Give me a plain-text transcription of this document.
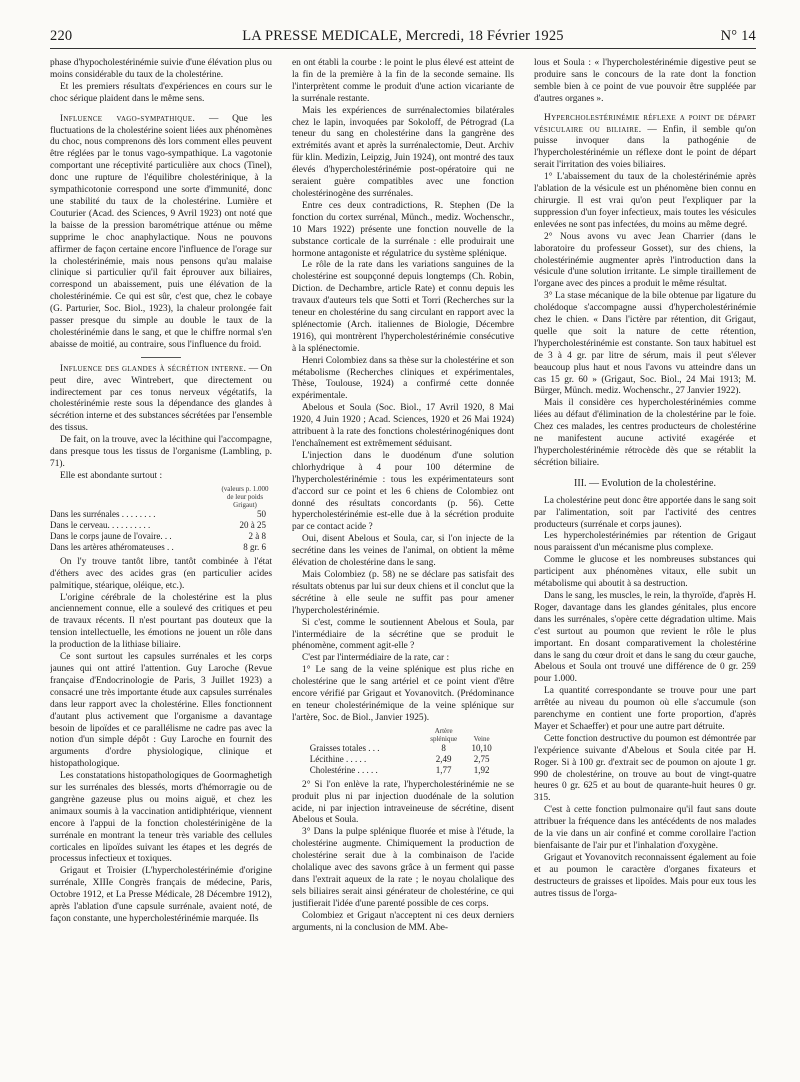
220	LA PRESSE MEDICALE, Mercredi, 18 Février 1925	N° 14

phase d'hypocholestérinémie suivie d'une élévation plus ou moins considérable du taux de la cholestérine.

Et les premiers résultats d'expériences en cours sur le choc sérique plaident dans le même sens.

Influence vago-sympathique. — Que les fluctuations de la cholestérine soient liées aux phénomènes du choc, nous comprenons dès lors comment elles peuvent être réglées par le tonus vago-sympathique. La vagotonie comportant une réceptivité particulière aux chocs (Tinel), donc une rupture de l'équilibre cholestérinique, à la sympathicotonie correspond une sorte d'immunité, donc une stabilité du taux de la cholestérine. Lumière et Couturier (Acad. des Sciences, 9 Avril 1923) ont noté que la baisse de la pression barométrique atténue ou même supprime le choc anaphylactique. Nous ne pouvons affirmer de façon certaine encore l'influence de l'orage sur la cholestérinémie, mais nous pensons qu'au malaise clinique si particulier qu'il fait éprouver aux biliaires, correspond un abaissement, puis une élévation de la cholestérinémie. Ce qui est sûr, c'est que, chez le cobaye (G. Parturier, Soc. Biol., 1923), la chaleur prolongée fait passer presque du simple au double le taux de la cholestérinémie dans le sang, et que le chiffre normal s'en abaisse de moitié, au contraire, sous l'influence du froid.

Influence des glandes à sécrétion interne. — On peut dire, avec Wintrebert, que directement ou indirectement par ces tonus nerveux végétatifs, la cholestérinémie reste sous la dépendance des glandes à sécrétion interne et des substances sécrétées par l'ensemble des tissus.

De fait, on la trouve, avec la lécithine qui l'accompagne, dans presque tous les tissus de l'organisme (Lambling, p. 71).

Elle est abondante surtout :

	(valeurs p. 1.000 de leur poids Grigaut)
Dans les surrénales . . . . . . . .	50
Dans le cerveau. . . . . . . . . .	20 à 25
Dans le corps jaune de l'ovaire. . .	2 à 8
Dans les artères athéromateuses . .	8 gr. 6

On l'y trouve tantôt libre, tantôt combinée à l'état d'éthers avec des acides gras (en particulier acides palmitique, stéarique, oléique, etc.).

L'origine cérébrale de la cholestérine est la plus anciennement connue, elle a soulevé des critiques et peu de travaux récents. Il n'est pourtant pas douteux que la tension intellectuelle, les émotions ne jouent un rôle dans la production de la lithiase biliaire.

Ce sont surtout les capsules surrénales et les corps jaunes qui ont attiré l'attention. Guy Laroche (Revue française d'Endocrinologie de Paris, 3 Juillet 1923) a consacré une très importante étude aux capsules surrénales dans leur rapport avec la cholestérine. Elles fonctionnent d'autant plus activement que l'organisme a davantage besoin de lipoïdes et ce parallélisme ne cadre pas avec la notion d'un simple dépôt : Guy Laroche en fournit des arguments d'ordre physiologique, clinique et histopathologique.

Les constatations histopathologiques de Goormaghetigh sur les surrénales des blessés, morts d'hémorragie ou de gangrène gazeuse plus ou moins aiguë, et chez les animaux soumis à la vaccination antidiphtérique, viennent encore à l'appui de la fonction cholestérinigène de la surrénale en montrant la teneur très variable des cellules corticales en lipoïdes suivant les étapes et les degrés de processus infectieux et toxiques.

Grigaut et Troisier (L'hypercholestérinémie d'origine surrénale, XIIIe Congrès français de médecine, Paris, Octobre 1912, et La Presse Médicale, 28 Décembre 1912), après l'ablation d'une capsule surrénale, avaient noté, de façon constante, une hypercholestérinémie marquée. Ils

en ont établi la courbe : le point le plus élevé est atteint de la fin de la première à la fin de la seconde semaine. Ils l'interprètent comme le produit d'une action vicariante de la surrénale restante.

Mais les expériences de surrénalectomies bilatérales chez le lapin, invoquées par Sokoloff, de Pétrograd (La teneur du sang en cholestérine dans la gangrène des extrémités avant et après la surrénalectomie, Deut. Archiv für klin. Medizin, Leipzig, Juin 1924), ont montré des taux élevés d'hypercholestérinémie post-opératoire qui ne seraient guère compatibles avec une fonction cholestérinogène des surrénales.

Entre ces deux contradictions, R. Stephen (De la fonction du cortex surrénal, Münch., mediz. Wochenschr., 10 Mars 1922) présente une fonction nouvelle de la substance corticale de la surrénale : elle produirait une hormone antagoniste et régulatrice du système splénique.

Le rôle de la rate dans les variations sanguines de la cholestérine est soupçonné depuis longtemps (Ch. Robin, Diction. de Dechambre, article Rate) et connu depuis les travaux d'auteurs tels que Sotti et Torri (Recherches sur la teneur en cholestérine du sang circulant en rapport avec la splénectomie (Arch. italiennes de Biologie, Décembre 1916), qui montrèrent l'hypercholestérinémie consécutive à la splénectomie.

Henri Colombiez dans sa thèse sur la cholestérine et son métabolisme (Recherches cliniques et expérimentales, Thèse, Toulouse, 1924) a confirmé cette donnée expérimentale.

Abelous et Soula (Soc. Biol., 17 Avril 1920, 8 Mai 1920, 4 Juin 1920 ; Acad. Sciences, 1920 et 26 Mai 1924) attribuent à la rate des fonctions cholestérinogéniques dont l'enchaînement est extrêmement séduisant.

L'injection dans le duodénum d'une solution chlorhydrique à 4 pour 100 détermine de l'hypercholestérinémie : tous les expérimentateurs sont d'accord sur ce point et les 6 chiens de Colombiez ont donné des résultats concordants (p. 56). Cette hypercholestérinémie est-elle due à la sécrétion produite par ce contact acide ?

Oui, disent Abelous et Soula, car, si l'on injecte de la secrétine dans les veines de l'animal, on obtient la même élévation de cholestérine dans le sang.

Mais Colombiez (p. 58) ne se déclare pas satisfait des résultats obtenus par lui sur deux chiens et il conclut que la sécrétine à elle seule ne suffit pas pour amener l'hypercholestérinémie.

Si c'est, comme le soutiennent Abelous et Soula, par l'intermédiaire de la sécrétine que se produit le phénomène, comment agit-elle ?

C'est par l'intermédiaire de la rate, car :

1° Le sang de la veine splénique est plus riche en cholestérine que le sang artériel et ce point vient d'être encore vérifié par Grigaut et Yovanovitch. (Prédominance en teneur cholestérinémique de la veine splénique sur l'artère, Soc. de Biol., Janvier 1925).

	Artère splénique	Veine
Graisses totales . . .	8	10,10
Lécithine . . . . .	2,49	2,75
Cholestérine . . . . .	1,77	1,92

2° Si l'on enlève la rate, l'hypercholestérinémie ne se produit plus ni par injection duodénale de la solution acide, ni par injection intraveineuse de sécrétine, disent Abelous et Soula.

3° Dans la pulpe splénique fluorée et mise à l'étude, la cholestérine augmente. Chimiquement la production de cholestérine serait due à la combinaison de l'acide cholalique avec des savons grâce à un ferment qui passe dans l'extrait aqueux de la rate ; le noyau cholalique des sels biliaires serait ainsi générateur de cholestérine, ce qui justifierait l'idée d'une parenté possible de ces corps.

Colombiez et Grigaut n'acceptent ni ces deux derniers arguments, ni la conclusion de MM. Abe-

lous et Soula : « l'hypercholestérinémie digestive peut se produire sans le concours de la rate dont la fonction semble bien à ce point de vue pouvoir être suppléée par d'autres organes ».

Hypercholestérinémie réflexe a point de départ vésiculaire ou biliaire. — Enfin, il semble qu'on puisse invoquer dans la pathogénie de l'hypercholestérinémie un réflexe dont le point de départ serait l'irritation des voies biliaires.

1° L'abaissement du taux de la cholestérinémie après l'ablation de la vésicule est un phénomène bien connu en chirurgie. Il est vrai qu'on peut l'expliquer par la suppression d'un foyer infectieux, mais toutes les vésicules enlevées ne sont pas infectées, du moins au même degré.

2° Nous avons vu avec Jean Charrier (dans le laboratoire du professeur Gosset), sur des chiens, la cholestérinémie augmenter après l'introduction dans la vésicule d'une solution irritante. Le simple tiraillement de l'organe avec des pinces a produit le même résultat.

3° La stase mécanique de la bile obtenue par ligature du cholédoque s'accompagne aussi d'hypercholestérinémie chez le chien. « Dans l'ictère par rétention, dit Grigaut, quelle que soit la nature de cette rétention, l'hypercholestérinémie est constante. Son taux habituel est de 3 à 4 gr. par litre de sérum, mais il peut s'élever beaucoup plus haut et nous l'avons vu atteindre dans un cas 15 gr. 60 » (Grigaut, Soc. Biol., 24 Mai 1913; M. Bürger, Münch. mediz. Wochenschr., 27 Janvier 1922).

Mais il considère ces hypercholestérinémies comme liées au défaut d'élimination de la cholestérine par le foie. Chez ces malades, les centres producteurs de cholestérine ne manifestent aucune activité exagérée et l'hypercholestérinémie rétrocède dès que se rétablit la sécrétion biliaire.

III. — Evolution de la cholestérine.

La cholestérine peut donc être apportée dans le sang soit par l'alimentation, soit par l'activité des centres producteurs (surrénale et corps jaunes).

Les hypercholestérinémies par rétention de Grigaut nous paraissent d'un mécanisme plus complexe.

Comme le glucose et les nombreuses substances qui participent aux phénomènes vitaux, elle subit un métabolisme qui aboutit à sa destruction.

Dans le sang, les muscles, le rein, la thyroïde, d'après H. Roger, davantage dans les glandes génitales, plus encore dans les surrénales, s'opère cette dégradation ultime. Mais c'est surtout au poumon que revient le rôle le plus important. En dosant comparativement la cholestérine dans le sang du cœur droit et dans le sang du cœur gauche, Abelous et Soula ont trouvé une différence de 0 gr. 259 pour 1.000.

La quantité correspondante se trouve pour une part arrêtée au niveau du poumon où elle s'accumule (son parenchyme en contient une forte proportion, d'après Mayer et Schaeffer) et pour une autre part détruite.

Cette fonction destructive du poumon est démontrée par l'expérience suivante d'Abelous et Soula citée par H. Roger. Si à 100 gr. d'extrait sec de poumon on ajoute 1 gr. 990 de cholestérine, on trouve au bout de vingt-quatre heures 0 gr. 625 et au bout de quarante-huit heures 0 gr. 315.

C'est à cette fonction pulmonaire qu'il faut sans doute attribuer la fréquence dans les antécédents de nos malades de la vie dans un air confiné et comme corollaire l'action bienfaisante de l'air pur et l'inhalation d'oxygène.

Grigaut et Yovanovitch reconnaissent également au foie et au poumon le caractère d'organes fixateurs et destructeurs de graisses et lipoïdes. Mais pour eux tous les autres tissus de l'orga-
